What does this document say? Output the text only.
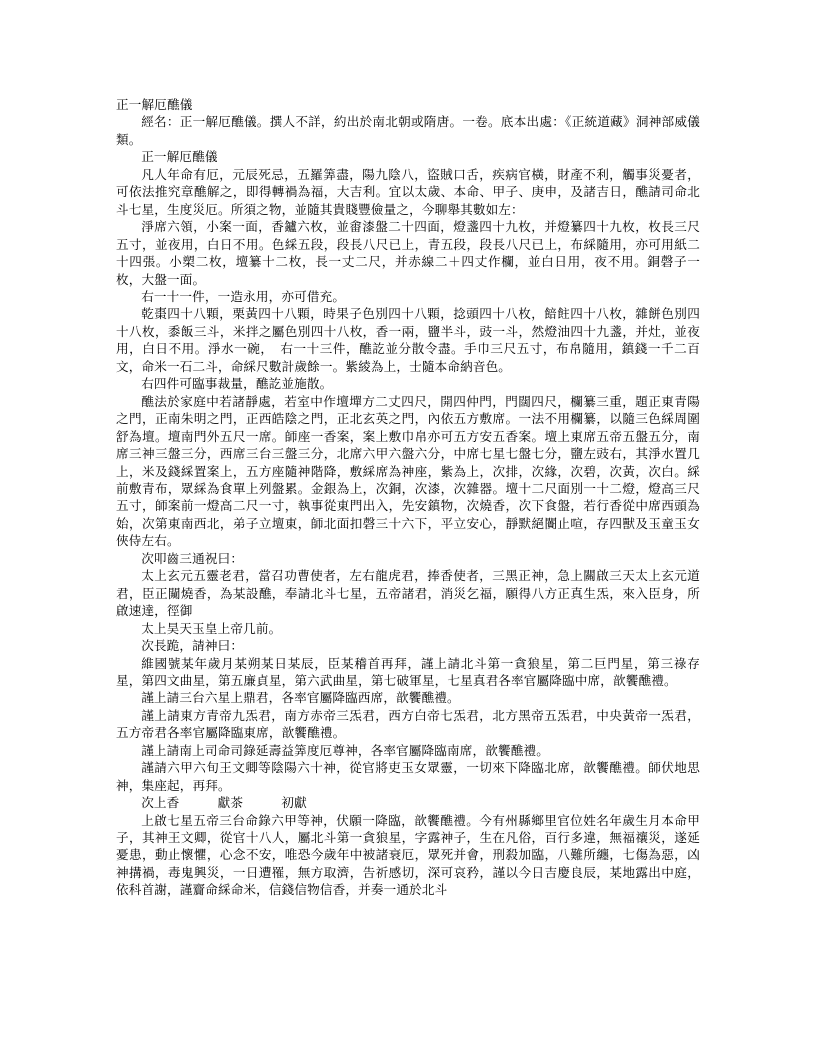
正一解厄醮儀

經名：正一解厄醮儀。撰人不詳，約出於南北朝或隋唐。一卷。底本出處：《正統道藏》洞神部威儀類。

正一解厄醮儀

凡人年命有厄，元辰死忌，五羅筭盡，陽九陰八，盜賊口舌，疾病官橫，財產不利，觸事災憂者，可依法推究章醮解之，即得轉禍為福，大吉利。宜以太歲、本命、甲子、庚申，及諸吉日，醮請司命北斗七星，生度災厄。所須之物，並隨其貴賤豐儉量之，今聊舉其數如左：

淨席六領，小案一面，香鑪六枚，並畬漆盤二十四面，燈盞四十九枚，并燈纂四十九枚，枚長三尺五寸，並夜用，白日不用。色綵五段，段長八尺已上，青五段，段長八尺已上，布綵隨用，亦可用紙二十四張。小槊二枚，壇纂十二枚，長一丈二尺，并赤線二＋四丈作欄，並白日用，夜不用。銅磬子一枚，大盤一面。

右一十一件，一造永用，亦可借充。

乾棗四十八顆，栗黃四十八顆，時果子色別四十八顆，捻頭四十八枚，餢飳四十八枚，雜餅色別四十八枚，黍飯三斗，米拌之屬色別四十八枚，香一兩，鹽半斗，豉一斗，然燈油四十九盞，并灶，並夜用，白日不用。淨水一碗，　右一十三件，醮訖並分散令盡。手巾三尺五寸，布帛隨用，鎮錢一千二百文，命米一石二斗，命綵尺數計歲餘一。紫綾為上，士隨本命納音色。

右四件可臨事裁量，醮訖並施散。

醮法於家庭中若諸靜處，若室中作壇墠方二丈四尺，開四仲門，門闊四尺，欄纂三重，題正東青陽之門，正南朱明之門，正西皓陰之門，正北玄英之門，內依五方敷席。一法不用欄纂，以隨三色綵周圍舒為壇。壇南門外五尺一席。師座一香案，案上敷巾帛亦可五方安五香案。壇上東席五帝五盤五分，南席三神三盤三分，西席三台三盤三分，北席六甲六盤六分，中席七星七盤七分，鹽左豉右，其淨水置几上，米及錢綵置案上，五方座隨神階降，敷綵席為神座，紫為上，次排，次緣，次碧，次黃，次白。綵前敷青布，眾綵為食單上列盤累。金銀為上，次銅，次漆，次雜器。壇十二尺面別一十二燈，燈高三尺五寸，師案前一燈高二尺一寸，執事從東門出入，先安鎮物，次燒香，次下食盤，若行香從中席西頭為始，次第東南西北，弟子立壇東，師北面扣磬三十六下，平立安心，靜默絕闠止喧，存四獸及玉童玉女俠侍左右。

次叩齒三通祝曰：

太上玄元五靈老君，當召功曹使者，左右龍虎君，捧香使者，三黑正神，急上關啟三天太上玄元道君，臣正闚燒香，為某設醮，奉請北斗七星，五帝諸君，消災乞福，願得八方正真生炁，來入臣身，所啟速達，徑御

太上昊天玉皇上帝几前。

次長跪，請神曰：

維國號某年歲月某朔某日某辰，臣某稽首再拜，謹上請北斗第一貪狼星，第二巨門星，第三祿存星，第四文曲星，第五廉貞星，第六武曲星，第七破軍星，七星真君各率官屬降臨中席，歆饗醮禮。

謹上請三台六星上鼎君，各率官屬降臨西席，歆饗醮禮。

謹上請東方青帝九炁君，南方赤帝三炁君，西方白帝七炁君，北方黑帝五炁君，中央黃帝一炁君，五方帝君各率官屬降臨東席，歆饗醮禮。

謹上請南上司命司錄延壽益筭度厄尊神，各率官屬降臨南席，歆饗醮禮。

謹請六甲六旬王文卿等陰陽六十神，從官將吏玉女眾靈，一切來下降臨北席，歆饗醮禮。師伏地思神，集座起，再拜。

次上香　　　獻茶　　　初獻

上啟七星五帝三台命錄六甲等神，伏願一降臨，歆饗醮禮。今有州縣鄉里官位姓名年歲生月本命甲子，其神王文卿，從官十八人，屬北斗第一貪狼星，字露神子，生在凡俗，百行多違，無福禳災，遂延憂患，動止懷懼，心念不安，唯恐今歲年中被諸衰厄，眾死并會，刑殺加臨，八難所纏，七傷為惡，凶神搆禍，毒鬼興災，一日遭罹，無方取濟，告祈感切，深可哀矜，謹以今日吉慶良辰，某地露出中庭，依科首謝，謹齎命綵命米，信錢信物信香，并奏一通於北斗
